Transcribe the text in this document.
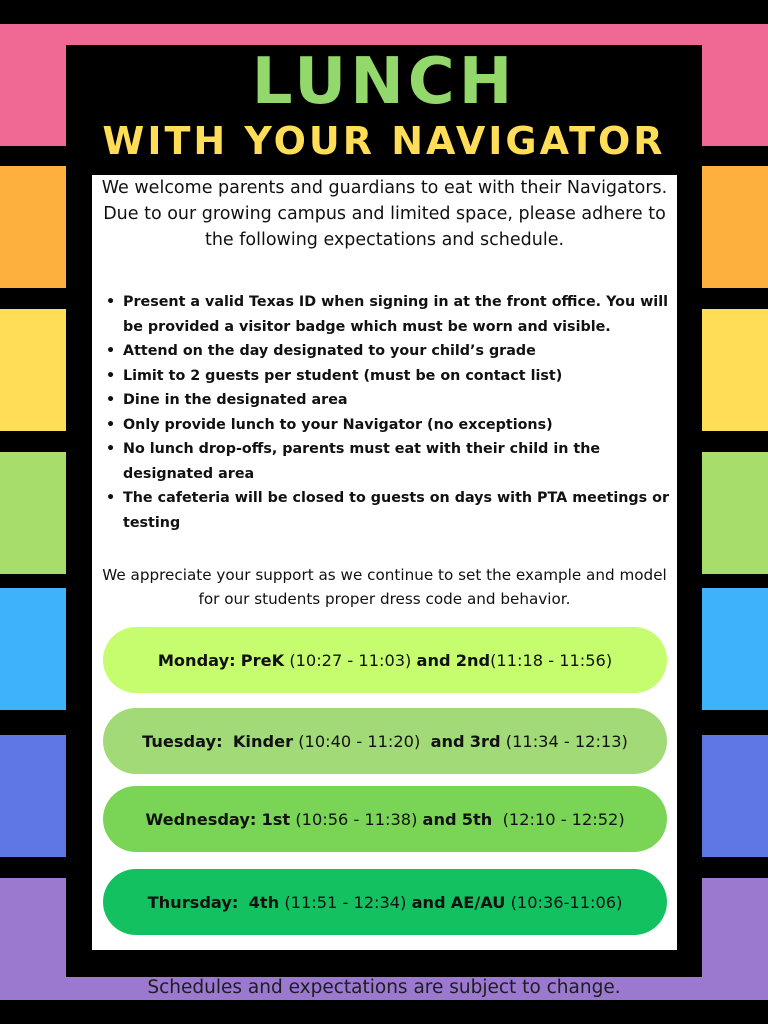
LUNCH
WITH YOUR NAVIGATOR
We welcome parents and guardians to eat with their Navigators. Due to our growing campus and limited space, please adhere to the following expectations and schedule.
• Present a valid Texas ID when signing in at the front office. You will be provided a visitor badge which must be worn and visible.
• Attend on the day designated to your child’s grade
• Limit to 2 guests per student (must be on contact list)
• Dine in the designated area
• Only provide lunch to your Navigator (no exceptions)
• No lunch drop-offs, parents must eat with their child in the designated area
• The cafeteria will be closed to guests on days with PTA meetings or testing
We appreciate your support as we continue to set the example and model for our students proper dress code and behavior.
Monday: PreK (10:27 - 11:03) and 2nd(11:18 - 11:56)
Tuesday: Kinder (10:40 - 11:20) and 3rd (11:34 - 12:13)
Wednesday: 1st (10:56 - 11:38) and 5th (12:10 - 12:52)
Thursday: 4th (11:51 - 12:34) and AE/AU (10:36-11:06)
Schedules and expectations are subject to change.
